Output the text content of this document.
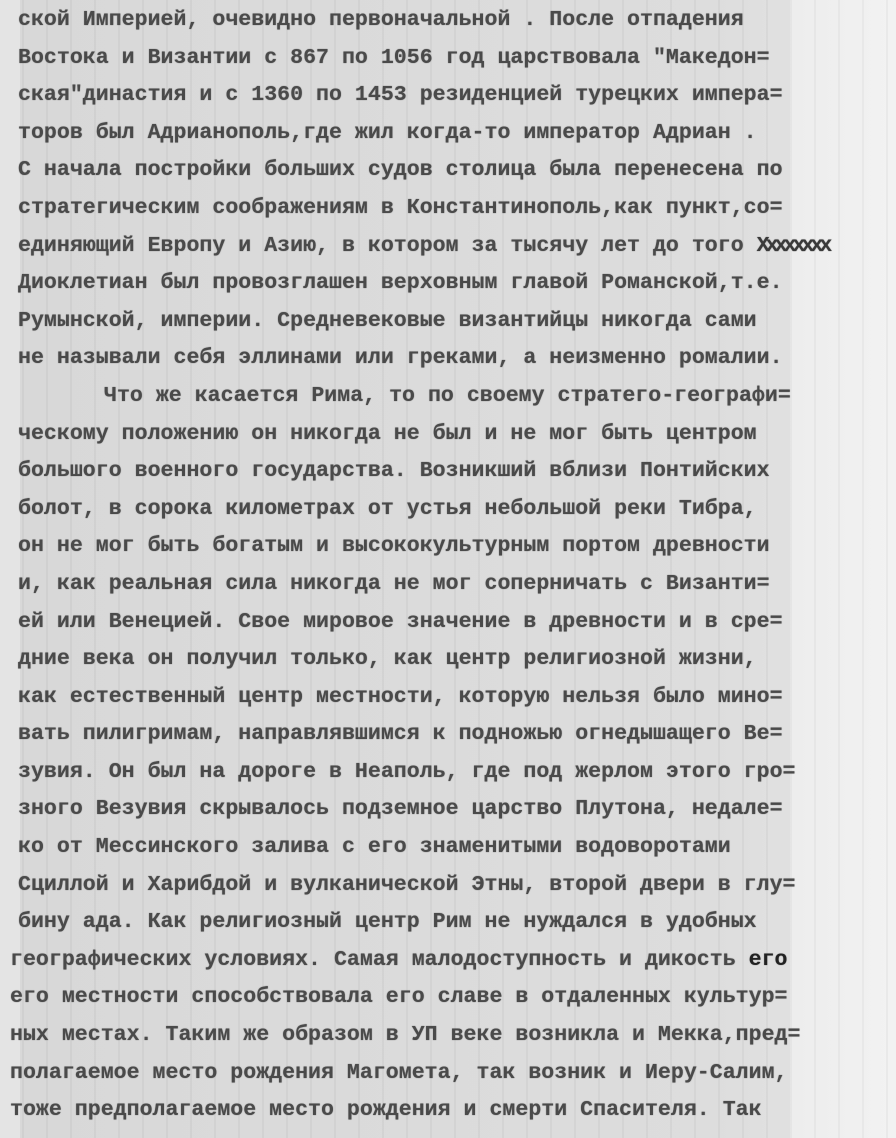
ской Империей, очевидно первоначальной . После отпадения
Востока и Византии с 867 по 1056 год царствовала "Македон=
ская"династия и с 1360 по 1453 резиденцией турецких импера=
торов был Адрианополь,где жил когда-то император Адриан .
С начала постройки больших судов столица была перенесена по
стратегическим соображениям в Константинополь,как пункт,со=
единяющий Европу и Азию, в котором за тысячу лет до того Хххххххх
Диоклетиан был провозглашен верховным главой Романской,т.е.
Румынской, империи. Средневековые византийцы никогда сами
не называли себя эллинами или греками, а неизменно ромалии.
Что же касается Рима, то по своему стратего-географи=
ческому положению он никогда не был и не мог быть центром
большого военного государства. Возникший вблизи Понтийских
болот, в сорока километрах от устья небольшой реки Тибра,
он не мог быть богатым и высококультурным портом древности
и, как реальная сила никогда не мог соперничать с Византи=
ей или Венецией. Свое мировое значение в древности и в сре=
дние века он получил только, как центр религиозной жизни,
как естественный центр местности, которую нельзя было мино=
вать пилигримам, направлявшимся к подножью огнедышащего Ве=
зувия. Он был на дороге в Неаполь, где под жерлом этого гро=
зного Везувия скрывалось подземное царство Плутона, недале=
ко от Мессинского залива с его знаменитыми водоворотами
Сциллой и Харибдой и вулканической Этны, второй двери в глу=
бину ада. Как религиозный центр Рим не нуждался в удобных
географических условиях. Самая малодоступность и дикость его
его местности способствовала его славе в отдаленных культур=
ных местах. Таким же образом в УП веке возникла и Мекка,пред=
полагаемое место рождения Магомета, так возник и Иеру-Салим,
тоже предполагаемое место рождения и смерти Спасителя. Так
